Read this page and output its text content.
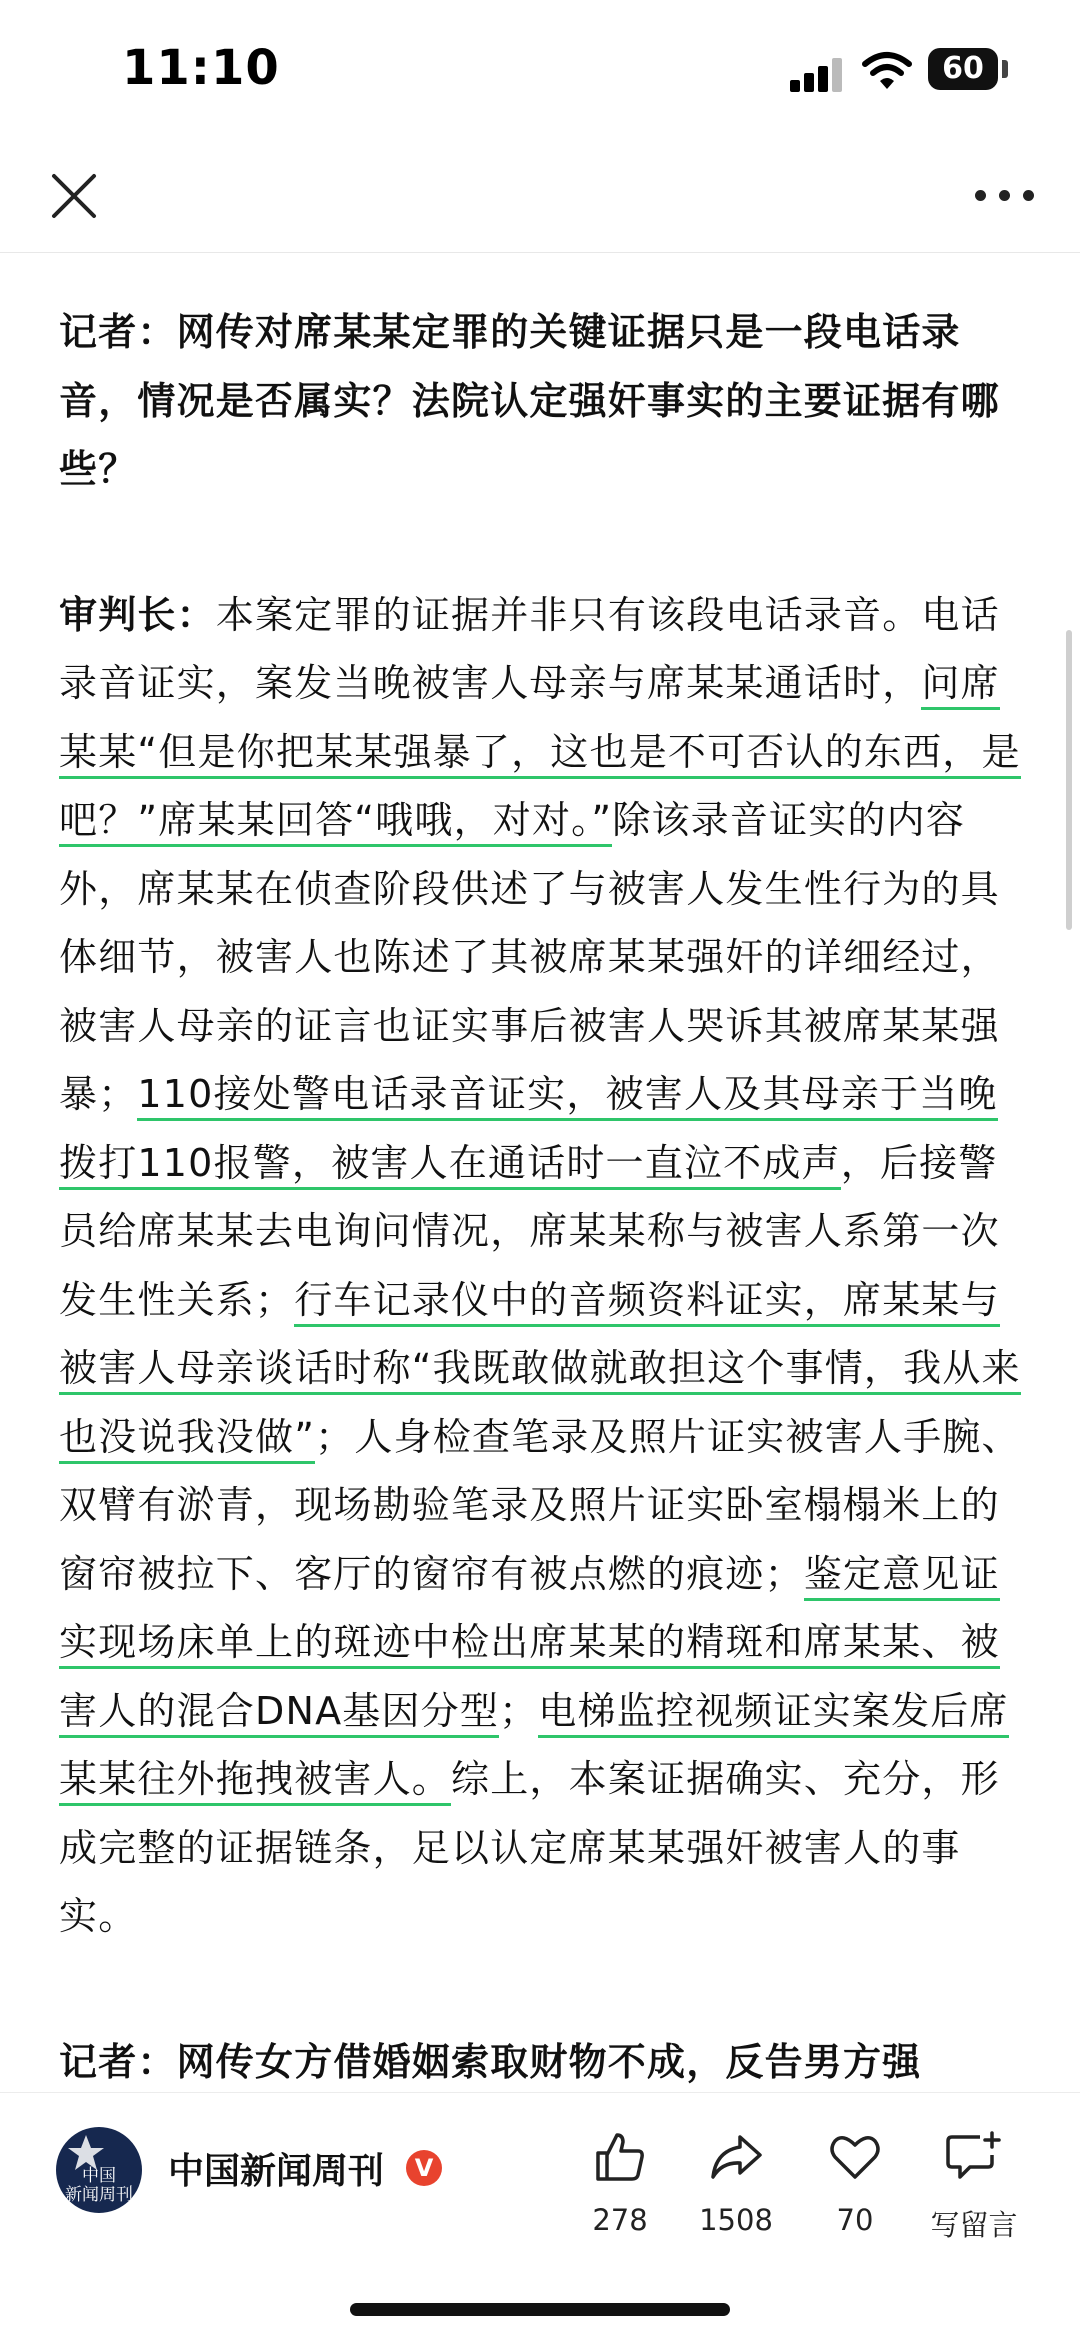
11:10	60

记者：网传对席某某定罪的关键证据只是一段电话录音，情况是否属实？法院认定强奸事实的主要证据有哪些？

审判长：本案定罪的证据并非只有该段电话录音。电话录音证实，案发当晚被害人母亲与席某某通话时，问席某某“但是你把某某强暴了，这也是不可否认的东西，是吧？”席某某回答“哦哦，对对。”除该录音证实的内容外，席某某在侦查阶段供述了与被害人发生性行为的具体细节，被害人也陈述了其被席某某强奸的详细经过，被害人母亲的证言也证实事后被害人哭诉其被席某某强暴；110接处警电话录音证实，被害人及其母亲于当晚拨打110报警，被害人在通话时一直泣不成声，后接警员给席某某去电询问情况，席某某称与被害人系第一次发生性关系；行车记录仪中的音频资料证实，席某某与被害人母亲谈话时称“我既敢做就敢担这个事情，我从来也没说我没做”；人身检查笔录及照片证实被害人手腕、双臂有淤青，现场勘验笔录及照片证实卧室榻榻米上的窗帘被拉下、客厅的窗帘有被点燃的痕迹；鉴定意见证实现场床单上的斑迹中检出席某某的精斑和席某某、被害人的混合DNA基因分型；电梯监控视频证实案发后席某某往外拖拽被害人。综上，本案证据确实、充分，形成完整的证据链条，足以认定席某某强奸被害人的事实。

记者：网传女方借婚姻索取财物不成，反告男方强

中国
新闻周刊
中国新闻周刊	V
278	1508	70	写留言
